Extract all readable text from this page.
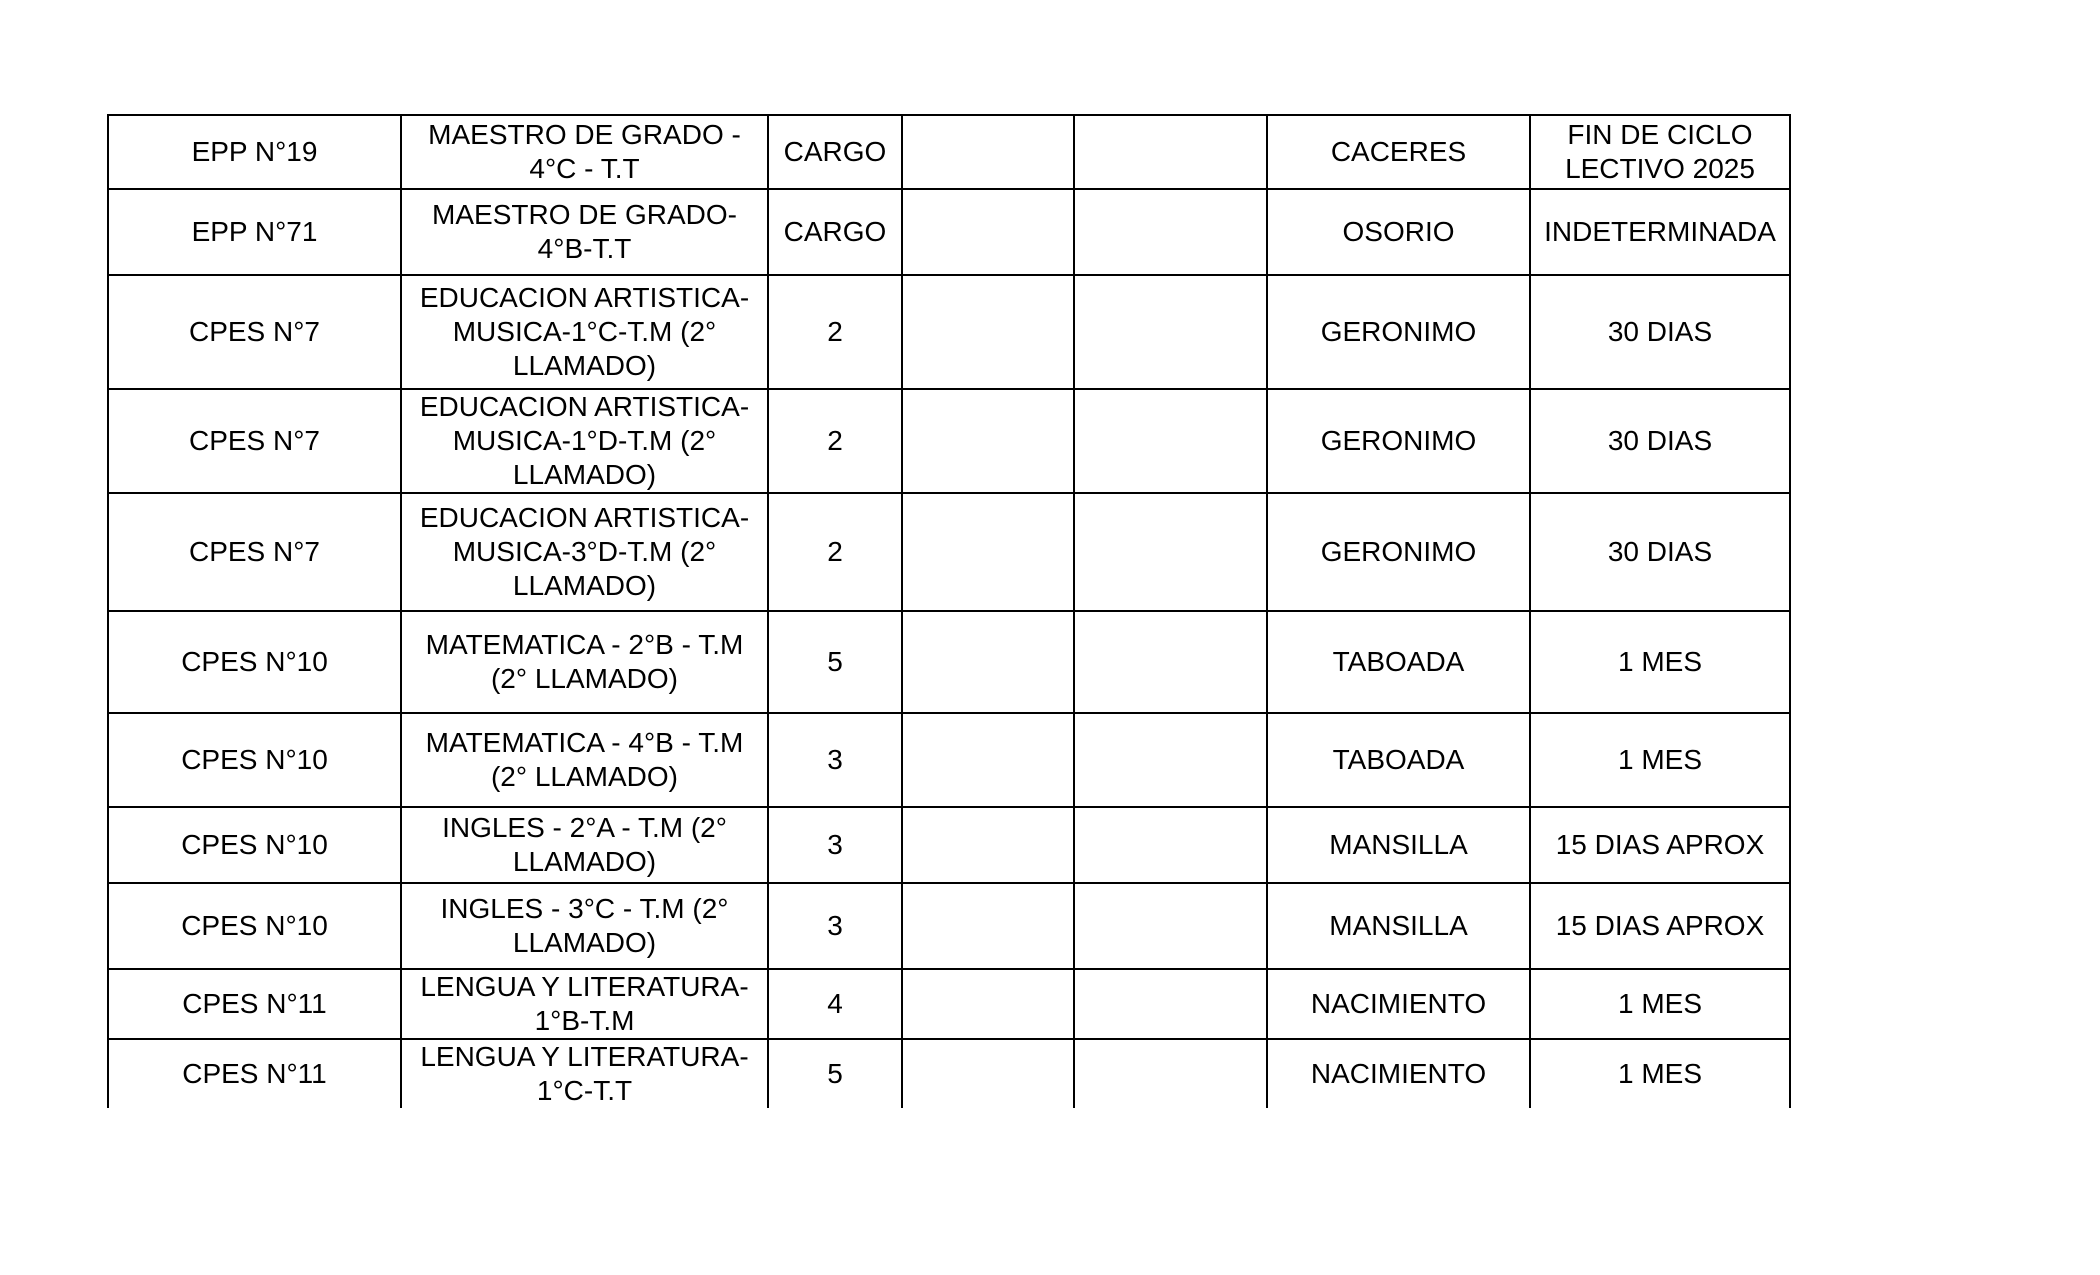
EPP N°19	MAESTRO DE GRADO - 4°C - T.T	CARGO			CACERES	FIN DE CICLO LECTIVO 2025
EPP N°71	MAESTRO DE GRADO-4°B-T.T	CARGO			OSORIO	INDETERMINADA
CPES N°7	EDUCACION ARTISTICA-MUSICA-1°C-T.M (2° LLAMADO)	2			GERONIMO	30 DIAS
CPES N°7	EDUCACION ARTISTICA-MUSICA-1°D-T.M (2° LLAMADO)	2			GERONIMO	30 DIAS
CPES N°7	EDUCACION ARTISTICA-MUSICA-3°D-T.M (2° LLAMADO)	2			GERONIMO	30 DIAS
CPES N°10	MATEMATICA - 2°B - T.M (2° LLAMADO)	5			TABOADA	1 MES
CPES N°10	MATEMATICA - 4°B - T.M (2° LLAMADO)	3			TABOADA	1 MES
CPES N°10	INGLES - 2°A - T.M (2° LLAMADO)	3			MANSILLA	15 DIAS APROX
CPES N°10	INGLES - 3°C - T.M (2° LLAMADO)	3			MANSILLA	15 DIAS APROX
CPES N°11	LENGUA Y LITERATURA-1°B-T.M	4			NACIMIENTO	1 MES
CPES N°11	LENGUA Y LITERATURA-1°C-T.T	5			NACIMIENTO	1 MES
